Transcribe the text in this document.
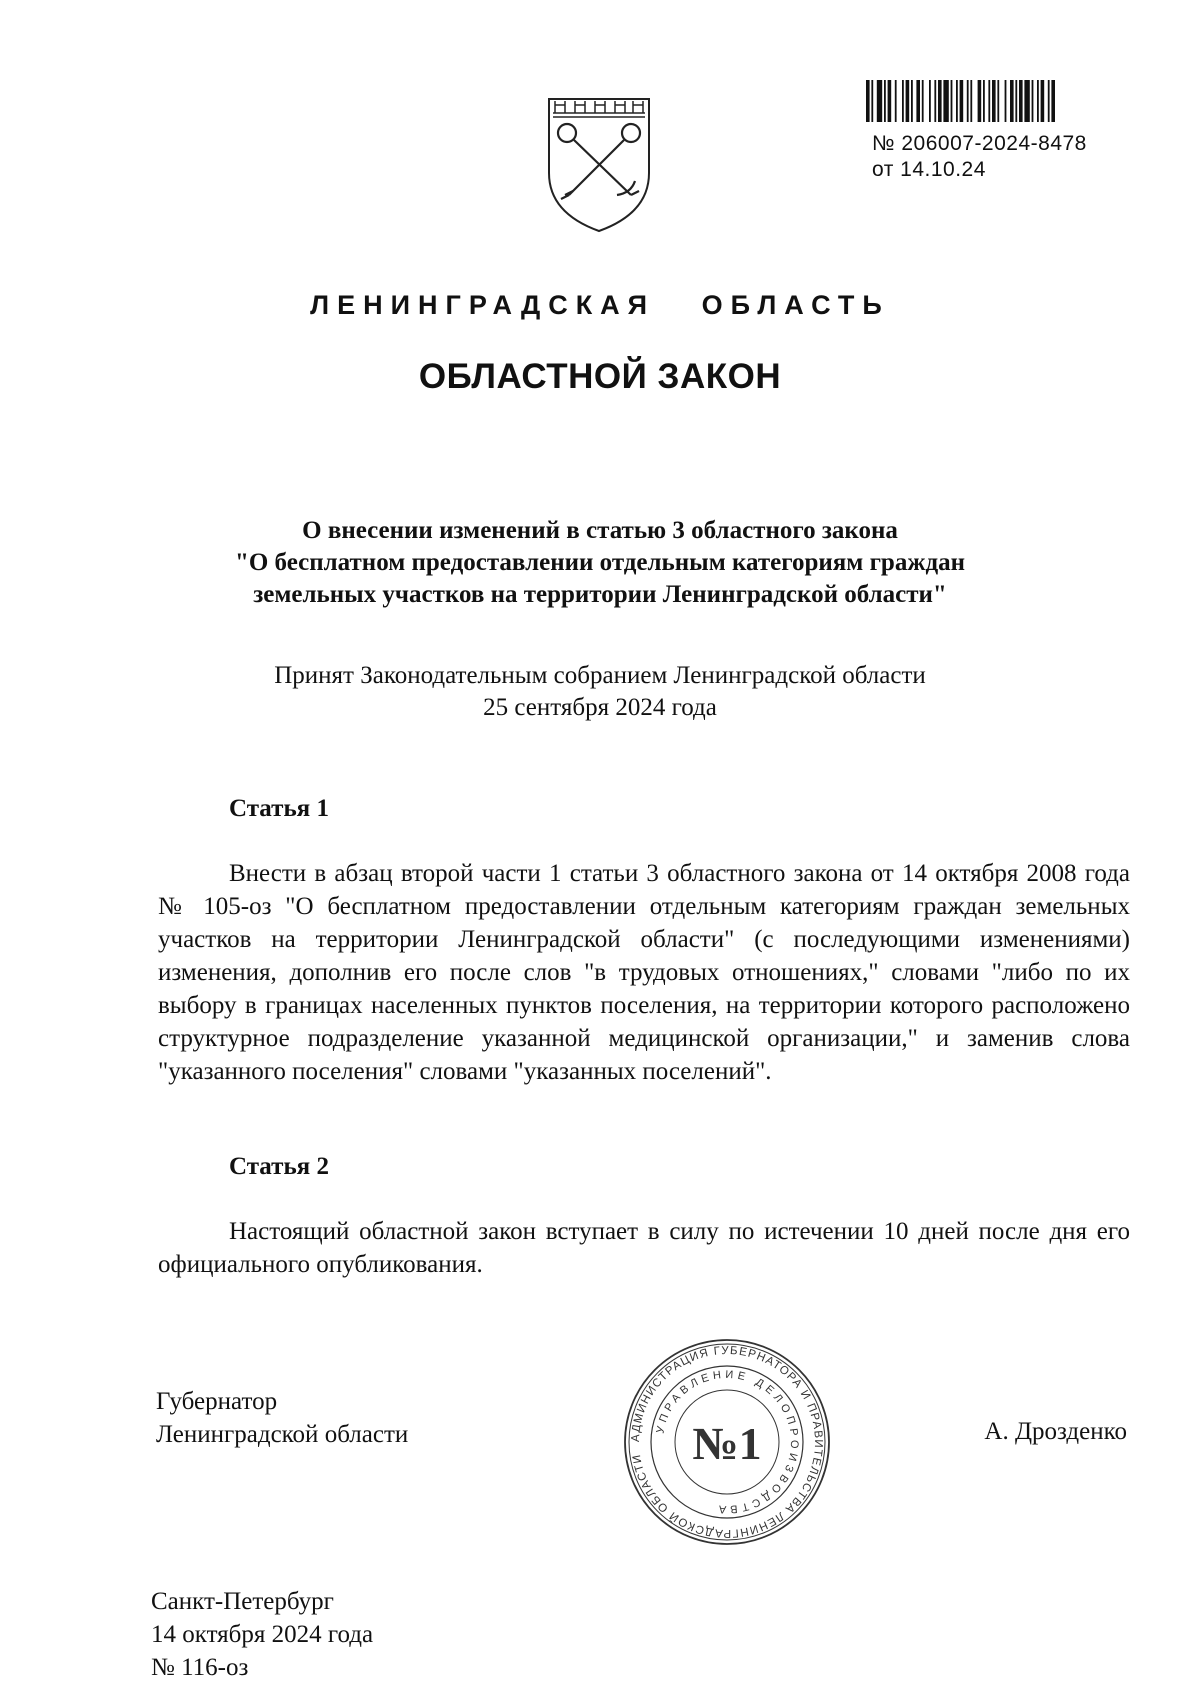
№ 206007-2024-8478
от 14.10.24
ЛЕНИНГРАДСКАЯ   ОБЛАСТЬ
ОБЛАСТНОЙ ЗАКОН
О внесении изменений в статью 3 областного закона
"О бесплатном предоставлении отдельным категориям граждан
земельных участков на территории Ленинградской области"
Принят Законодательным собранием Ленинградской области
25 сентября 2024 года
Статья 1
Внести в абзац второй части 1 статьи 3 областного закона от 14 октября 2008 года № 105-оз "О бесплатном предоставлении отдельным категориям граждан земельных участков на территории Ленинградской области" (с последующими изменениями) изменения, дополнив его после слов "в трудовых отношениях," словами "либо по их выбору в границах населенных пунктов поселения, на территории которого расположено структурное подразделение указанной медицинской организации," и заменив слова "указанного поселения" словами "указанных поселений".
Статья 2
Настоящий областной закон вступает в силу по истечении 10 дней после дня его официального опубликования.
Губернатор
Ленинградской области	А. Дрозденко
АДМИНИСТРАЦИЯ ГУБЕРНАТОРА И ПРАВИТЕЛЬСТВА ЛЕНИНГРАДСКОЙ ОБЛАСТИ
УПРАВЛЕНИЕ ДЕЛОПРОИЗВОДСТВА
№1
Санкт-Петербург
14 октября 2024 года
№ 116-оз
